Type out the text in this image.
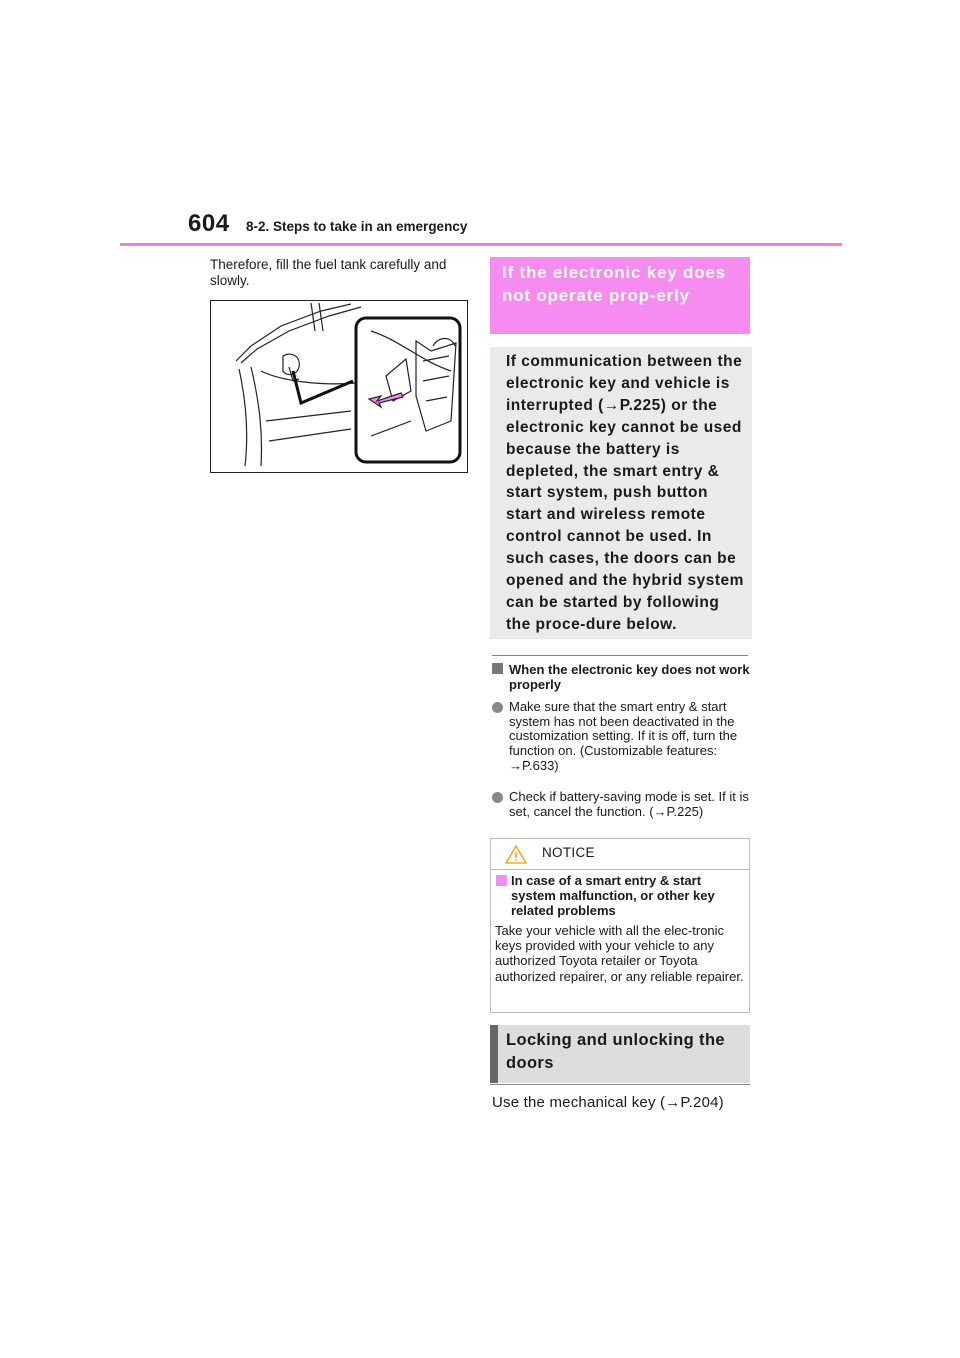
604 8-2. Steps to take in an emergency
Therefore, fill the fuel tank carefully and slowly.	If the electronic key does not operate prop-erly
If communication between the electronic key and vehicle is interrupted (→P.225) or the electronic key cannot be used because the battery is depleted, the smart entry & start system, push button start and wireless remote control cannot be used. In such cases, the doors can be opened and the hybrid system can be started by following the proce-dure below.
When the electronic key does not work properly
Make sure that the smart entry & start system has not been deactivated in the customization setting. If it is off, turn the function on. (Customizable features: →P.633)
Check if battery-saving mode is set. If it is set, cancel the function. (→P.225)
NOTICE
In case of a smart entry & start system malfunction, or other key related problems
Take your vehicle with all the elec-tronic keys provided with your vehicle to any authorized Toyota retailer or Toyota authorized repairer, or any reliable repairer.
Locking and unlocking the doors
Use the mechanical key (→P.204)
